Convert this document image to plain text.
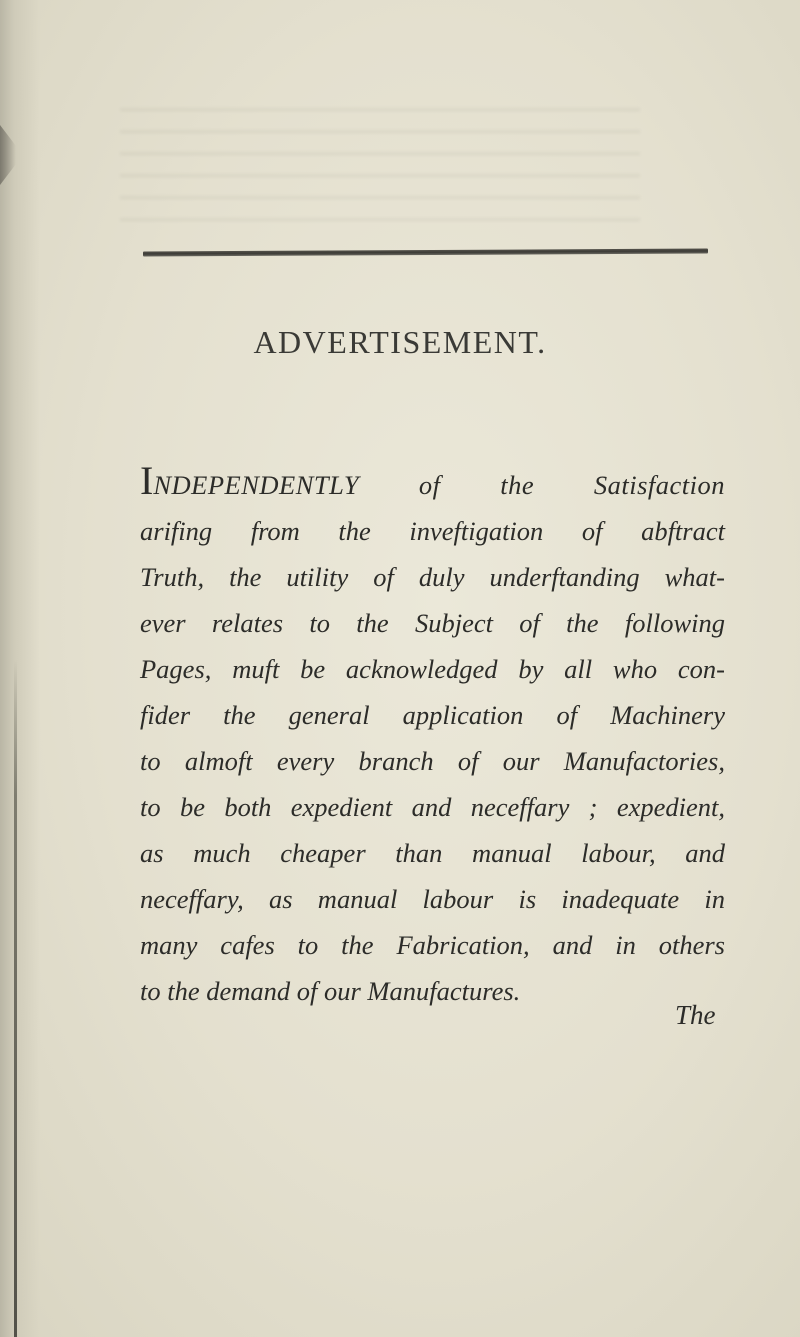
ADVERTISEMENT.
INDEPENDENTLY of the Satisfaction
arifing from the inveftigation of abftract
Truth, the utility of duly underftanding what-
ever relates to the Subject of the following
Pages, muft be acknowledged by all who con-
fider the general application of Machinery
to almoft every branch of our Manufactories,
to be both expedient and neceffary ; expedient,
as much cheaper than manual labour, and
neceffary, as manual labour is inadequate in
many cafes to the Fabrication, and in others
to the demand of our Manufactures.
The
